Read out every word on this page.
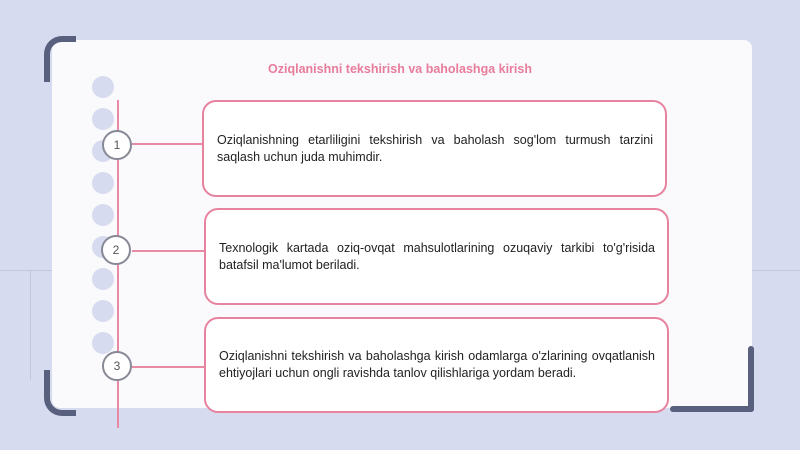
Oziqlanishni tekshirish va baholashga kirish
1	Oziqlanishning etarliligini tekshirish va baholash sog'lom turmush tarzini saqlash uchun juda muhimdir.
2	Texnologik kartada oziq-ovqat mahsulotlarining ozuqaviy tarkibi to'g'risida batafsil ma'lumot beriladi.
3
Oziqlanishni tekshirish va baholashga kirish odamlarga o'zlarining ovqatlanish ehtiyojlari uchun ongli ravishda tanlov qilishlariga yordam beradi.
